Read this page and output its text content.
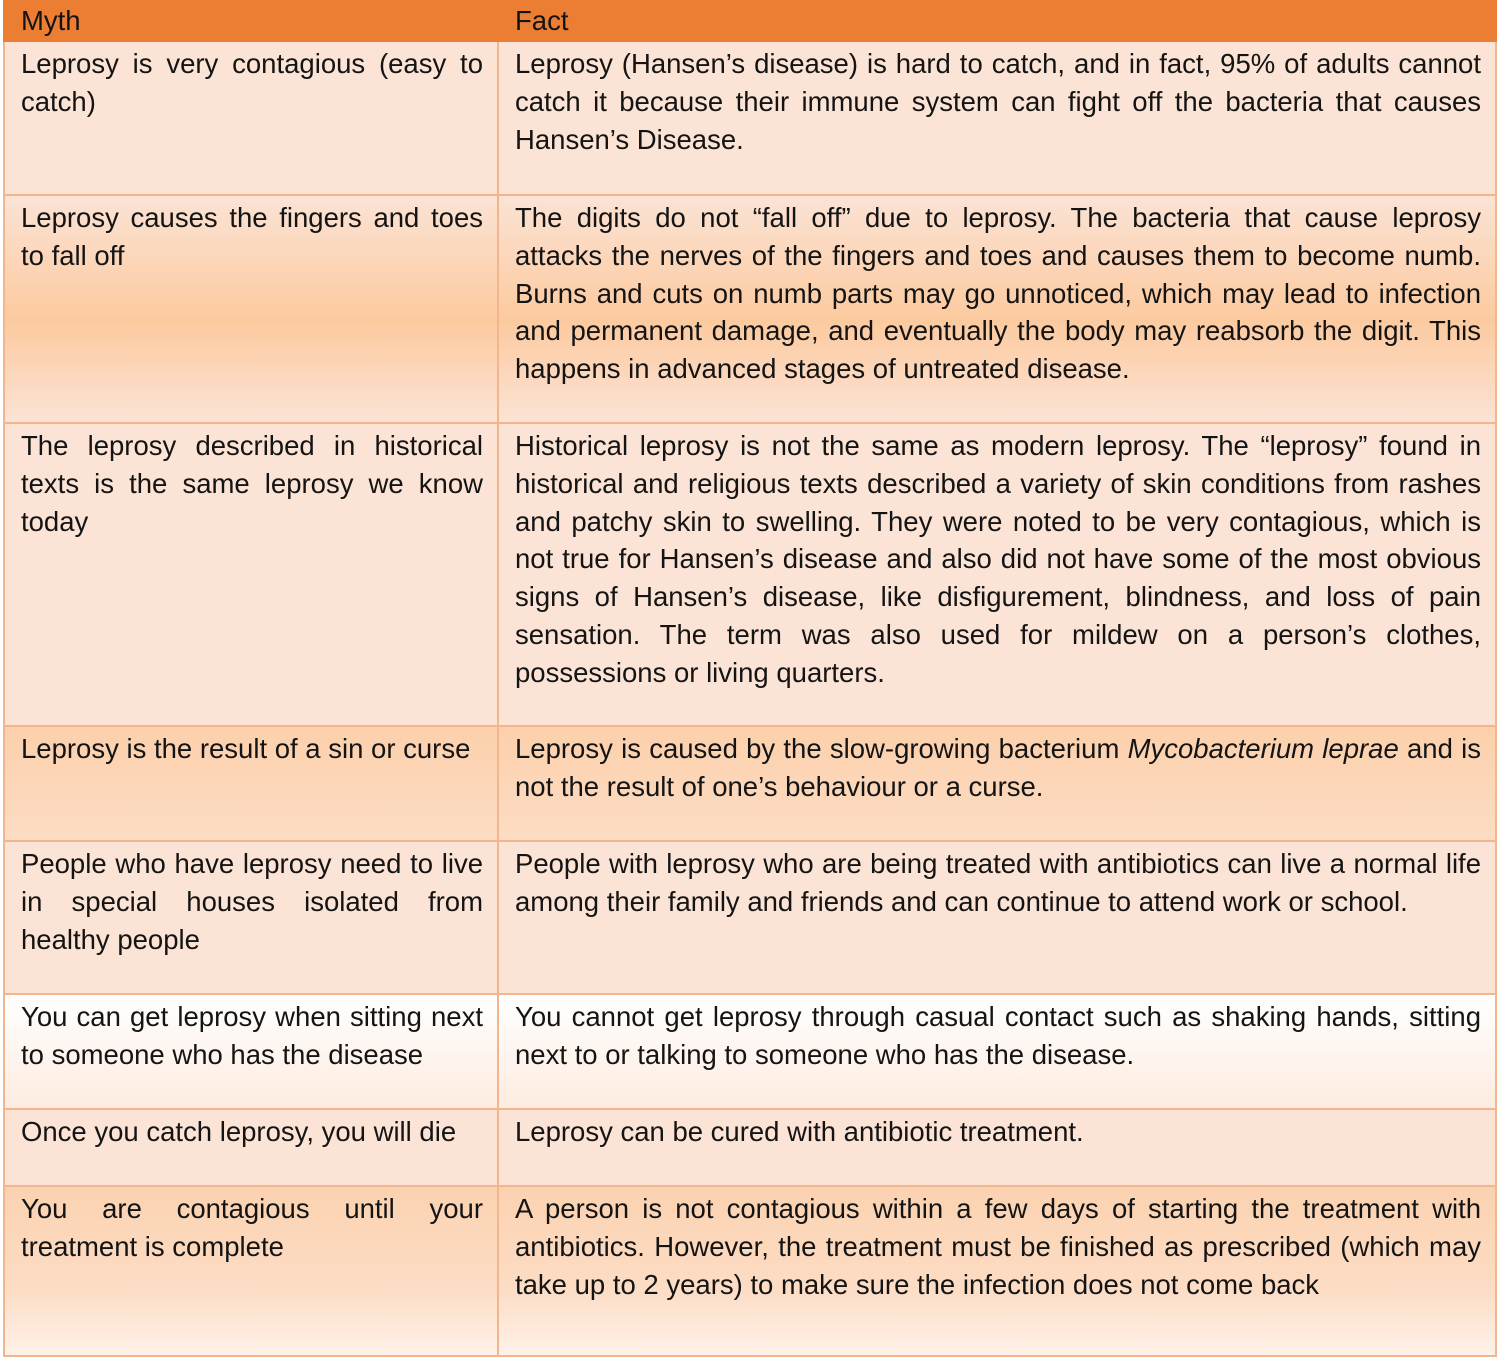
Myth	Fact
Leprosy is very contagious (easy to catch)	Leprosy (Hansen’s disease) is hard to catch, and in fact, 95% of adults cannot catch it because their immune system can fight off the bacteria that causes Hansen’s Disease.
Leprosy causes the fingers and toes to fall off	The digits do not “fall off” due to leprosy. The bacteria that cause leprosy attacks the nerves of the fingers and toes and causes them to become numb. Burns and cuts on numb parts may go unnoticed, which may lead to infection and permanent damage, and eventually the body may reabsorb the digit. This happens in advanced stages of untreated disease.
The leprosy described in historical texts is the same leprosy we know today	Historical leprosy is not the same as modern leprosy. The “leprosy” found in historical and religious texts described a variety of skin conditions from rashes and patchy skin to swelling. They were noted to be very contagious, which is not true for Hansen’s disease and also did not have some of the most obvious signs of Hansen’s disease, like disfigurement, blindness, and loss of pain sensation. The term was also used for mildew on a person’s clothes, possessions or living quarters.
Leprosy is the result of a sin or curse	Leprosy is caused by the slow-growing bacterium Mycobacterium leprae and is not the result of one’s behaviour or a curse.
People who have leprosy need to live in special houses isolated from healthy people	People with leprosy who are being treated with antibiotics can live a normal life among their family and friends and can continue to attend work or school.
You can get leprosy when sitting next to someone who has the disease	You cannot get leprosy through casual contact such as shaking hands, sitting next to or talking to someone who has the disease.
Once you catch leprosy, you will die	Leprosy can be cured with antibiotic treatment.
You are contagious until your treatment is complete	A person is not contagious within a few days of starting the treatment with antibiotics. However, the treatment must be finished as prescribed (which may take up to 2 years) to make sure the infection does not come back
